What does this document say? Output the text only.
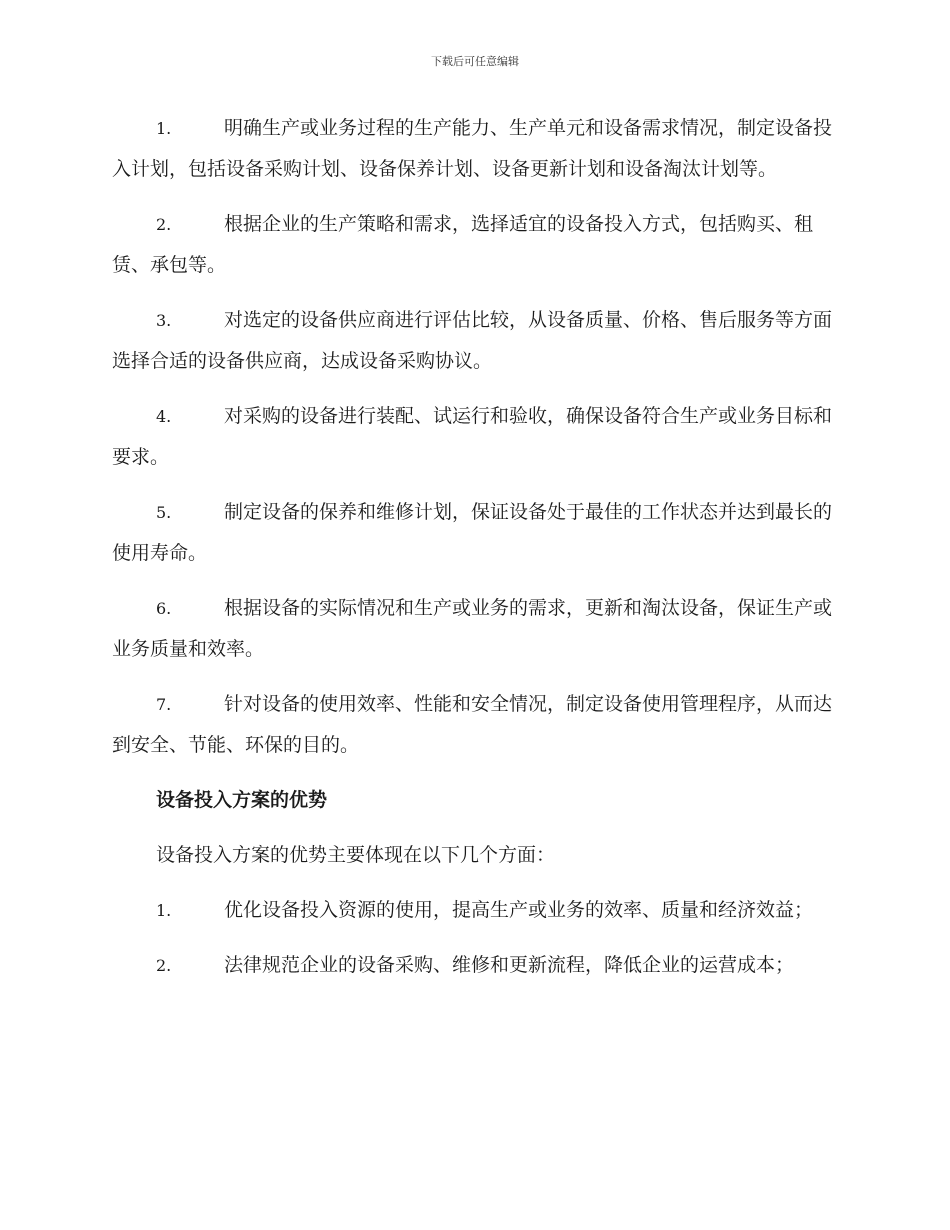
下载后可任意编辑

1.	明确生产或业务过程的生产能力、生产单元和设备需求情况，制定设备投入计划，包括设备采购计划、设备保养计划、设备更新计划和设备淘汰计划等。

2.	根据企业的生产策略和需求，选择适宜的设备投入方式，包括购买、租赁、承包等。

3.	对选定的设备供应商进行评估比较，从设备质量、价格、售后服务等方面选择合适的设备供应商，达成设备采购协议。

4.	对采购的设备进行装配、试运行和验收，确保设备符合生产或业务目标和要求。

5.	制定设备的保养和维修计划，保证设备处于最佳的工作状态并达到最长的使用寿命。

6.	根据设备的实际情况和生产或业务的需求，更新和淘汰设备，保证生产或业务质量和效率。

7.	针对设备的使用效率、性能和安全情况，制定设备使用管理程序，从而达到安全、节能、环保的目的。

设备投入方案的优势

设备投入方案的优势主要体现在以下几个方面：

1.	优化设备投入资源的使用，提高生产或业务的效率、质量和经济效益；

2.	法律规范企业的设备采购、维修和更新流程，降低企业的运营成本；
